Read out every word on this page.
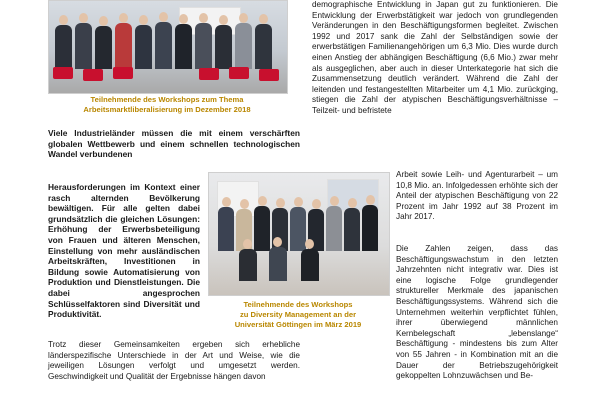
Teilnehmende des Workshops zum Thema
Arbeitsmarktliberalisierung im Dezember 2018
Teilnehmende des Workshops
zu Diversity Management an der
Universität Göttingen im März 2019

Viele Industrieländer müssen die mit einem verschärften globalen Wettbewerb und einem schnellen technologischen Wandel verbundenen

Herausforderungen im Kontext einer rasch alternden Bevölkerung bewältigen. Für alle gelten dabei grundsätzlich die gleichen Lösungen: Erhöhung der Erwerbsbeteiligung von Frauen und älteren Menschen, Einstellung von mehr ausländischen Arbeitskräften, Investitionen in Bildung sowie Automatisierung von Produktion und Dienstleistungen. Die dabei angesprochen Schlüsselfaktoren sind Diversität und Produktivität.

Trotz dieser Gemeinsamkeiten ergeben sich erhebliche länderspezifische Unterschiede in der Art und Weise, wie die jeweiligen Lösungen verfolgt und umgesetzt werden. Geschwindigkeit und Qualität der Ergebnisse hängen davon

demographische Entwicklung in Japan gut zu funktionieren. Die Entwicklung der Erwerbstätigkeit war jedoch von grundlegenden Veränderungen in den Beschäftigungsformen begleitet. Zwischen 1992 und 2017 sank die Zahl der Selbständigen sowie der erwerbstätigen Familienangehörigen um 6,3 Mio. Dies wurde durch einen Anstieg der abhängigen Beschäftigung (6,6 Mio.) zwar mehr als ausgeglichen, aber auch in dieser Unterkategorie hat sich die Zusammensetzung deutlich verändert. Während die Zahl der leitenden und festangestellten Mitarbeiter um 4,1 Mio. zurückging, stiegen die Zahl der atypischen Beschäftigungsverhältnisse – Teilzeit- und befristete

Arbeit sowie Leih- und Agenturarbeit – um 10,8 Mio. an. Infolgedessen erhöhte sich der Anteil der atypischen Beschäftigung von 22 Prozent im Jahr 1992 auf 38 Prozent im Jahr 2017.

Die Zahlen zeigen, dass das Beschäftigungswachstum in den letzten Jahrzehnten nicht integrativ war. Dies ist eine logische Folge grundlegender struktureller Merkmale des japanischen Beschäftigungssystems. Während sich die Unternehmen weiterhin verpflichtet fühlen, ihrer überwiegend männlichen Kernbelegschaft „lebenslange“ Beschäftigung - mindestens bis zum Alter von 55 Jahren - in Kombination mit an die Dauer der Betriebszugehörigkeit gekoppelten Lohnzuwächsen und Be-
